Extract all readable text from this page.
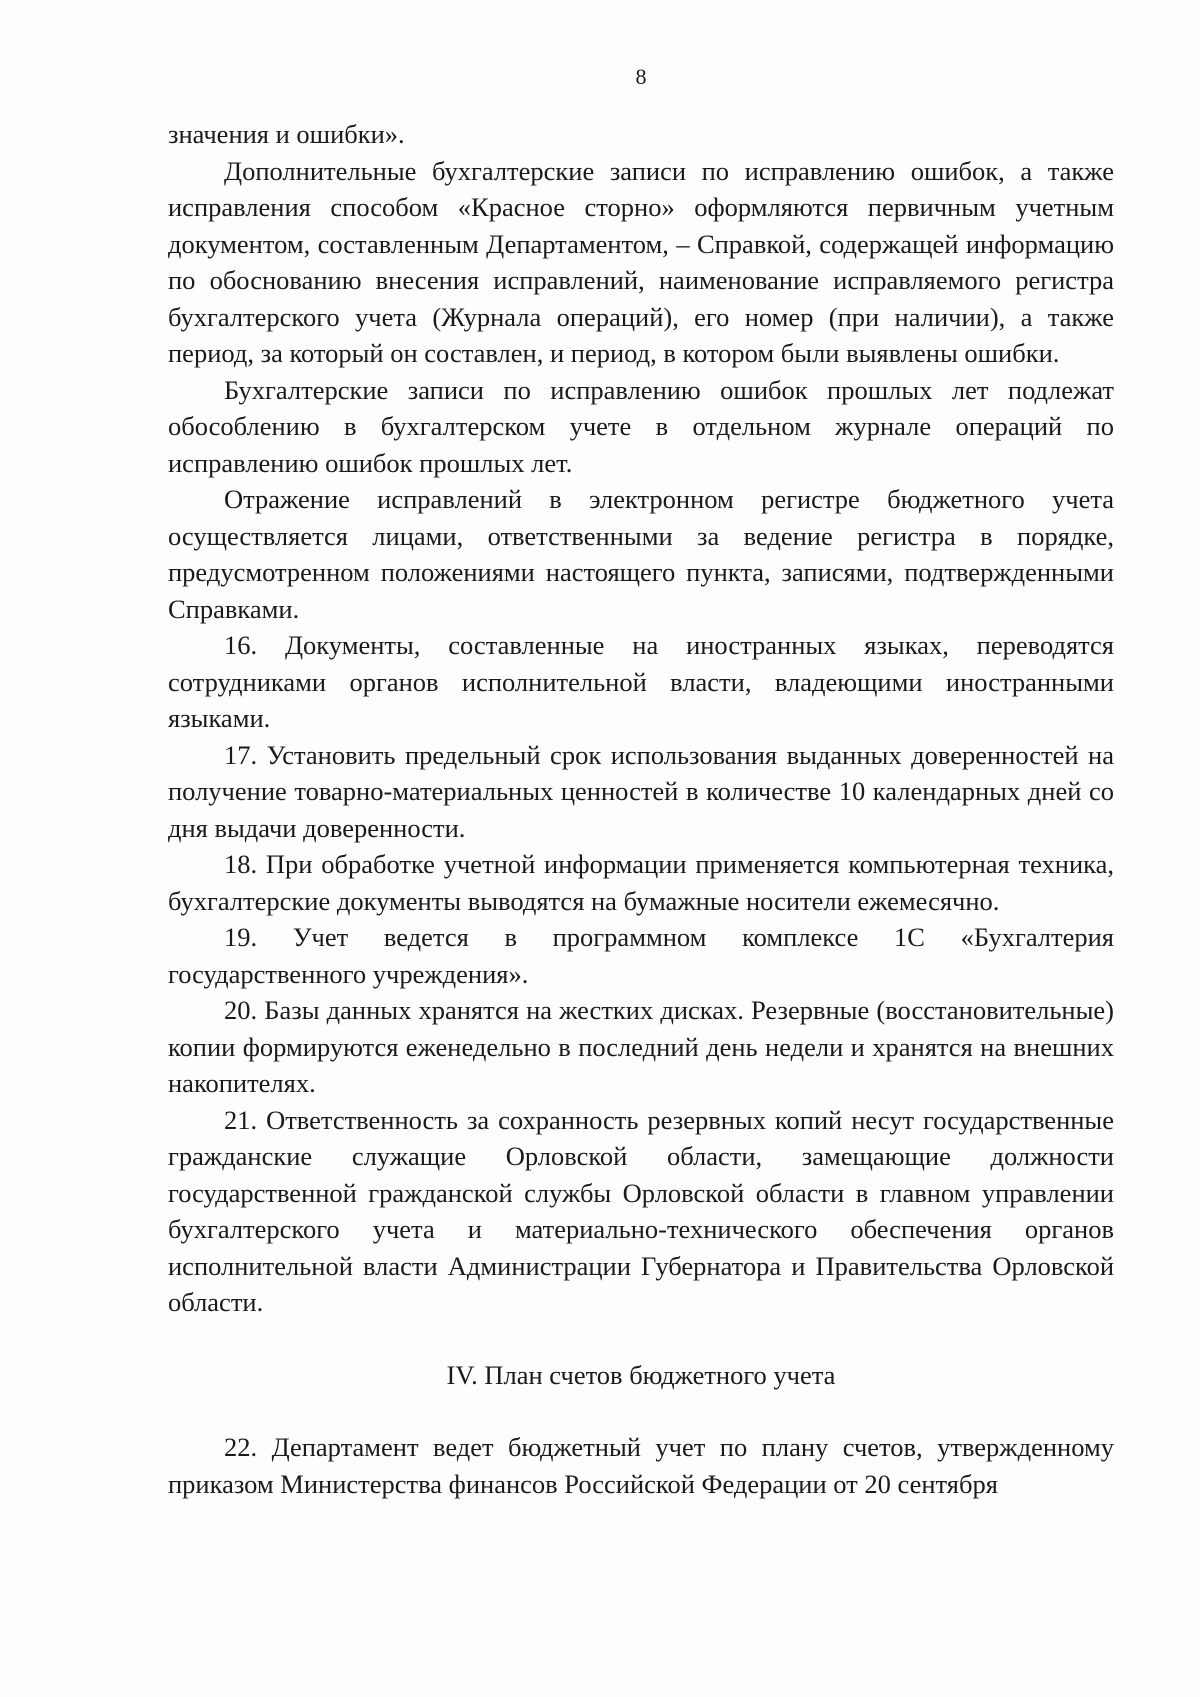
8

значения и ошибки».

Дополнительные бухгалтерские записи по исправлению ошибок, а также исправления способом «Красное сторно» оформляются первичным учетным документом, составленным Департаментом, – Справкой, содержащей информацию по обоснованию внесения исправлений, наименование исправляемого регистра бухгалтерского учета (Журнала операций), его номер (при наличии), а также период, за который он составлен, и период, в котором были выявлены ошибки.

Бухгалтерские записи по исправлению ошибок прошлых лет подлежат обособлению в бухгалтерском учете в отдельном журнале операций по исправлению ошибок прошлых лет.

Отражение исправлений в электронном регистре бюджетного учета осуществляется лицами, ответственными за ведение регистра в порядке, предусмотренном положениями настоящего пункта, записями, подтвержденными Справками.

16. Документы, составленные на иностранных языках, переводятся сотрудниками органов исполнительной власти, владеющими иностранными языками.

17. Установить предельный срок использования выданных доверенностей на получение товарно-материальных ценностей в количестве 10 календарных дней со дня выдачи доверенности.

18. При обработке учетной информации применяется компьютерная техника, бухгалтерские документы выводятся на бумажные носители ежемесячно.

19. Учет ведется в программном комплексе 1С «Бухгалтерия государственного учреждения».

20. Базы данных хранятся на жестких дисках. Резервные (восстановительные) копии формируются еженедельно в последний день недели и хранятся на внешних накопителях.

21. Ответственность за сохранность резервных копий несут государственные гражданские служащие Орловской области, замещающие должности государственной гражданской службы Орловской области в главном управлении бухгалтерского учета и материально-технического обеспечения органов исполнительной власти Администрации Губернатора и Правительства Орловской области.

IV. План счетов бюджетного учета

22. Департамент ведет бюджетный учет по плану счетов, утвержденному приказом Министерства финансов Российской Федерации от 20 сентября
